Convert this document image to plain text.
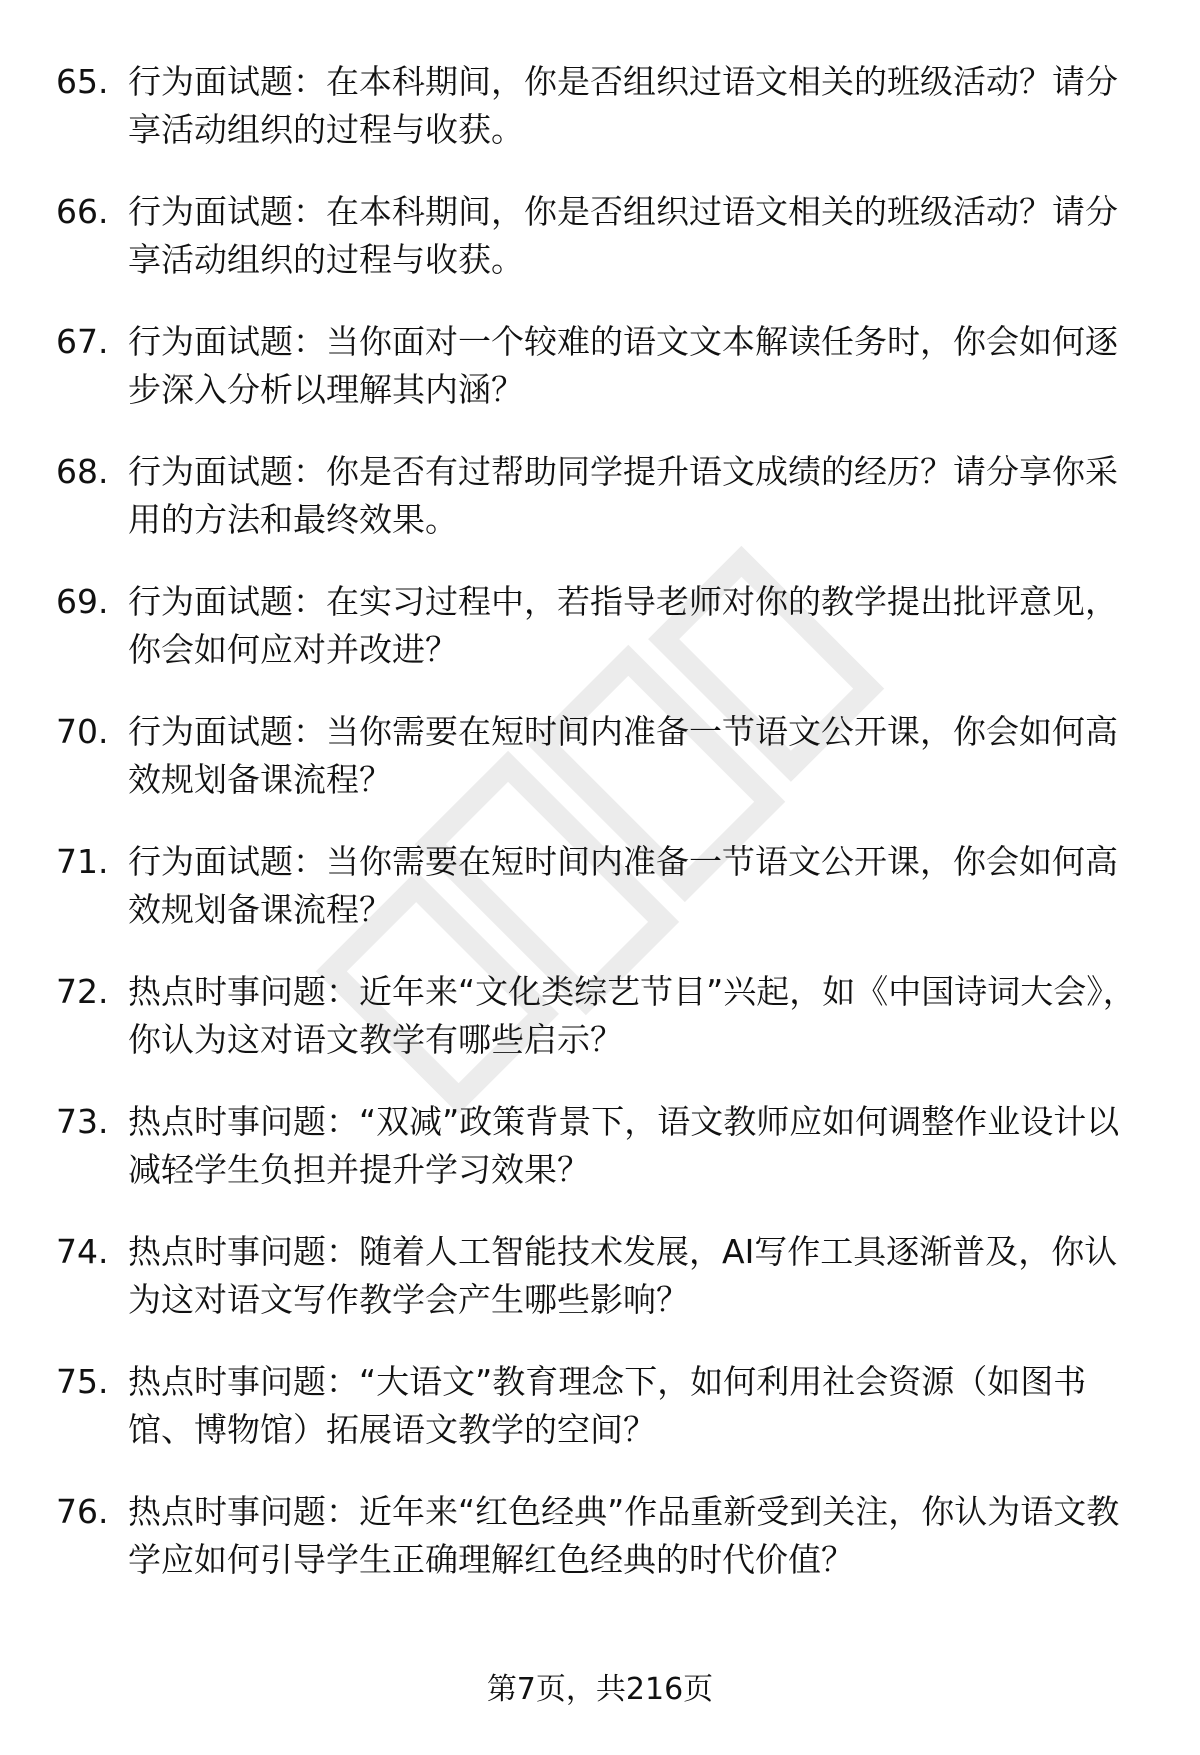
65. 行为面试题：在本科期间，你是否组织过语文相关的班级活动？请分享活动组织的过程与收获。
66. 行为面试题：在本科期间，你是否组织过语文相关的班级活动？请分享活动组织的过程与收获。
67. 行为面试题：当你面对一个较难的语文文本解读任务时，你会如何逐步深入分析以理解其内涵？
68. 行为面试题：你是否有过帮助同学提升语文成绩的经历？请分享你采用的方法和最终效果。
69. 行为面试题：在实习过程中，若指导老师对你的教学提出批评意见，你会如何应对并改进？
70. 行为面试题：当你需要在短时间内准备一节语文公开课，你会如何高效规划备课流程？
71. 行为面试题：当你需要在短时间内准备一节语文公开课，你会如何高效规划备课流程？
72. 热点时事问题：近年来“文化类综艺节目”兴起，如《中国诗词大会》，你认为这对语文教学有哪些启示？
73. 热点时事问题：“双减”政策背景下，语文教师应如何调整作业设计以减轻学生负担并提升学习效果？
74. 热点时事问题：随着人工智能技术发展，AI写作工具逐渐普及，你认为这对语文写作教学会产生哪些影响？
75. 热点时事问题：“大语文”教育理念下，如何利用社会资源（如图书馆、博物馆）拓展语文教学的空间？
76. 热点时事问题：近年来“红色经典”作品重新受到关注，你认为语文教学应如何引导学生正确理解红色经典的时代价值？
第7页，共216页
